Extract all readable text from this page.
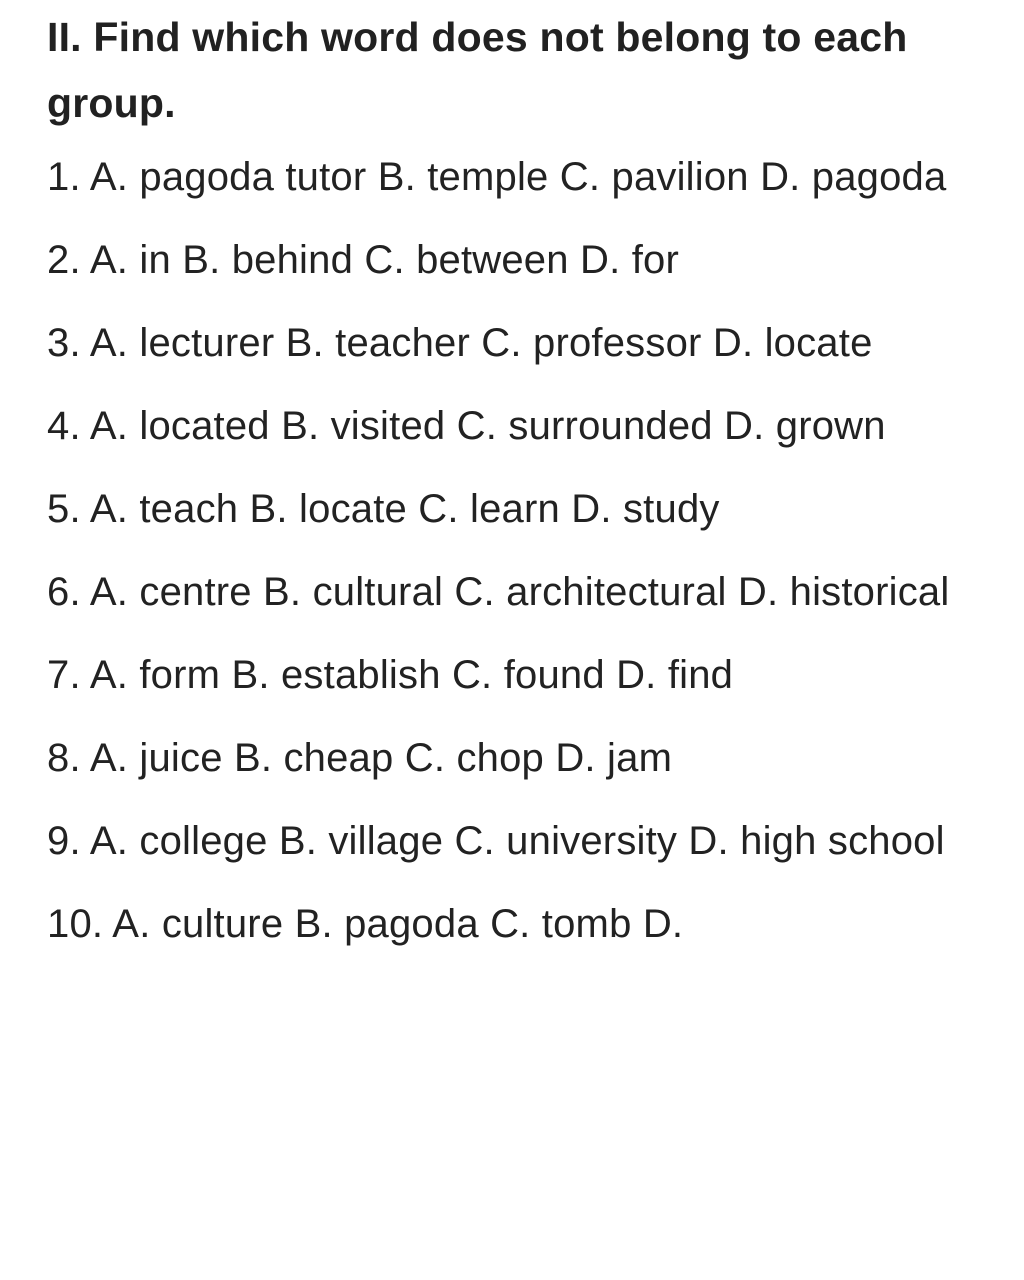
II. Find which word does not belong to each group.
1. A. pagoda tutor B. temple C. pavilion D. pagoda
2. A. in B. behind C. between D. for
3. A. lecturer B. teacher C. professor D. locate
4. A. located B. visited C. surrounded D. grown
5. A. teach B. locate C. learn D. study
6. A. centre B. cultural C. architectural D. historical
7. A. form B. establish C. found D. find
8. A. juice B. cheap C. chop D. jam
9. A. college B. village C. university D. high school
10. A. culture B. pagoda C. tomb D.
